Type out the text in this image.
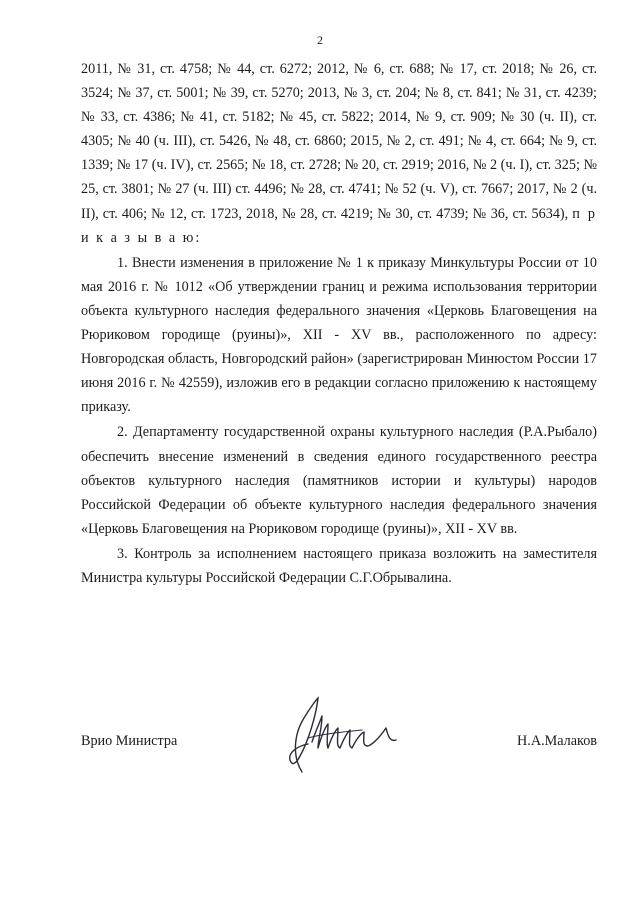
2

2011, № 31, ст. 4758; № 44, ст. 6272; 2012, № 6, ст. 688; № 17, ст. 2018; № 26, ст. 3524; № 37, ст. 5001; № 39, ст. 5270; 2013, № 3, ст. 204; № 8, ст. 841; № 31, ст. 4239; № 33, ст. 4386; № 41, ст. 5182; № 45, ст. 5822; 2014, № 9, ст. 909; № 30 (ч. II), ст. 4305; № 40 (ч. III), ст. 5426, № 48, ст. 6860; 2015, № 2, ст. 491; № 4, ст. 664; № 9, ст. 1339; № 17 (ч. IV), ст. 2565; № 18, ст. 2728; № 20, ст. 2919; 2016, № 2 (ч. I), ст. 325; № 25, ст. 3801; № 27 (ч. III) ст. 4496; № 28, ст. 4741; № 52 (ч. V), ст. 7667; 2017, № 2 (ч. II), ст. 406; № 12, ст. 1723, 2018, № 28, ст. 4219; № 30, ст. 4739; № 36, ст. 5634), п р и к а з ы в а ю:

1. Внести изменения в приложение № 1 к приказу Минкультуры России от 10 мая 2016 г. № 1012 «Об утверждении границ и режима использования территории объекта культурного наследия федерального значения «Церковь Благовещения на Рюриковом городище (руины)», XII - XV вв., расположенного по адресу: Новгородская область, Новгородский район» (зарегистрирован Минюстом России 17 июня 2016 г. № 42559), изложив его в редакции согласно приложению к настоящему приказу.

2. Департаменту государственной охраны культурного наследия (Р.А.Рыбало) обеспечить внесение изменений в сведения единого государственного реестра объектов культурного наследия (памятников истории и культуры) народов Российской Федерации об объекте культурного наследия федерального значения «Церковь Благовещения на Рюриковом городище (руины)», XII - XV вв.

3. Контроль за исполнением настоящего приказа возложить на заместителя Министра культуры Российской Федерации С.Г.Обрывалина.

Врио Министра	Н.А.Малаков
